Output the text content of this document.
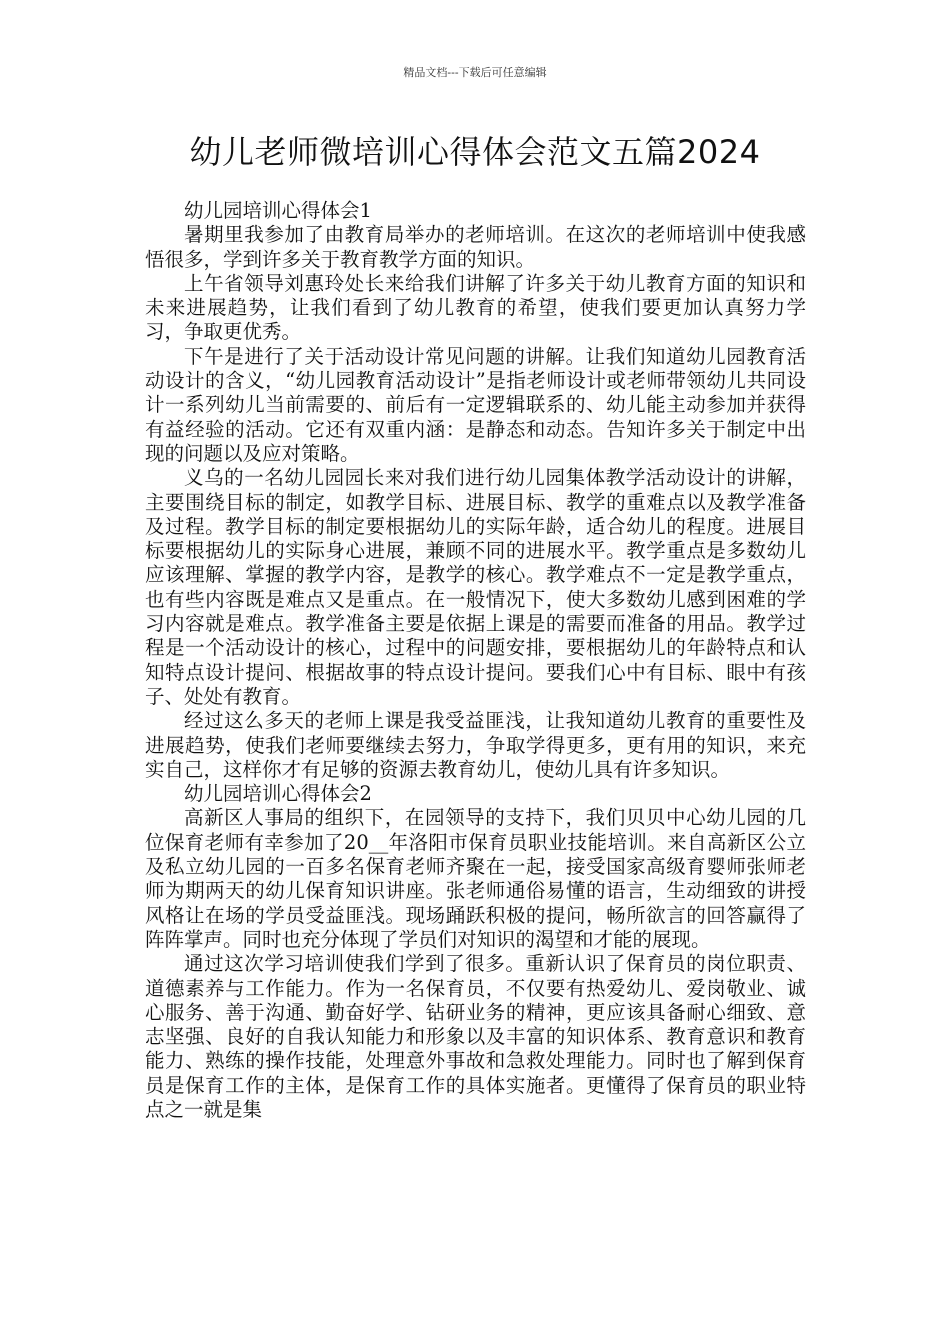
精品文档---下载后可任意编辑
幼儿老师微培训心得体会范文五篇2024

幼儿园培训心得体会1

暑期里我参加了由教育局举办的老师培训。在这次的老师培训中使我感悟很多，学到许多关于教育教学方面的知识。

上午省领导刘惠玲处长来给我们讲解了许多关于幼儿教育方面的知识和未来进展趋势，让我们看到了幼儿教育的希望，使我们要更加认真努力学习，争取更优秀。

下午是进行了关于活动设计常见问题的讲解。让我们知道幼儿园教育活动设计的含义，“幼儿园教育活动设计”是指老师设计或老师带领幼儿共同设计一系列幼儿当前需要的、前后有一定逻辑联系的、幼儿能主动参加并获得有益经验的活动。它还有双重内涵：是静态和动态。告知许多关于制定中出现的问题以及应对策略。

义乌的一名幼儿园园长来对我们进行幼儿园集体教学活动设计的讲解，主要围绕目标的制定，如教学目标、进展目标、教学的重难点以及教学准备及过程。教学目标的制定要根据幼儿的实际年龄，适合幼儿的程度。进展目标要根据幼儿的实际身心进展，兼顾不同的进展水平。教学重点是多数幼儿应该理解、掌握的教学内容，是教学的核心。教学难点不一定是教学重点，也有些内容既是难点又是重点。在一般情况下，使大多数幼儿感到困难的学习内容就是难点。教学准备主要是依据上课是的需要而准备的用品。教学过程是一个活动设计的核心，过程中的问题安排，要根据幼儿的年龄特点和认知特点设计提问、根据故事的特点设计提问。要我们心中有目标、眼中有孩子、处处有教育。

经过这么多天的老师上课是我受益匪浅，让我知道幼儿教育的重要性及进展趋势，使我们老师要继续去努力，争取学得更多，更有用的知识，来充实自己，这样你才有足够的资源去教育幼儿，使幼儿具有许多知识。

幼儿园培训心得体会2

高新区人事局的组织下，在园领导的支持下，我们贝贝中心幼儿园的几位保育老师有幸参加了20__年洛阳市保育员职业技能培训。来自高新区公立及私立幼儿园的一百多名保育老师齐聚在一起，接受国家高级育婴师张师老师为期两天的幼儿保育知识讲座。张老师通俗易懂的语言，生动细致的讲授风格让在场的学员受益匪浅。现场踊跃积极的提问，畅所欲言的回答赢得了阵阵掌声。同时也充分体现了学员们对知识的渴望和才能的展现。

通过这次学习培训使我们学到了很多。重新认识了保育员的岗位职责、道德素养与工作能力。作为一名保育员，不仅要有热爱幼儿、爱岗敬业、诚心服务、善于沟通、勤奋好学、钻研业务的精神，更应该具备耐心细致、意志坚强、良好的自我认知能力和形象以及丰富的知识体系、教育意识和教育能力、熟练的操作技能，处理意外事故和急救处理能力。同时也了解到保育员是保育工作的主体，是保育工作的具体实施者。更懂得了保育员的职业特点之一就是集
